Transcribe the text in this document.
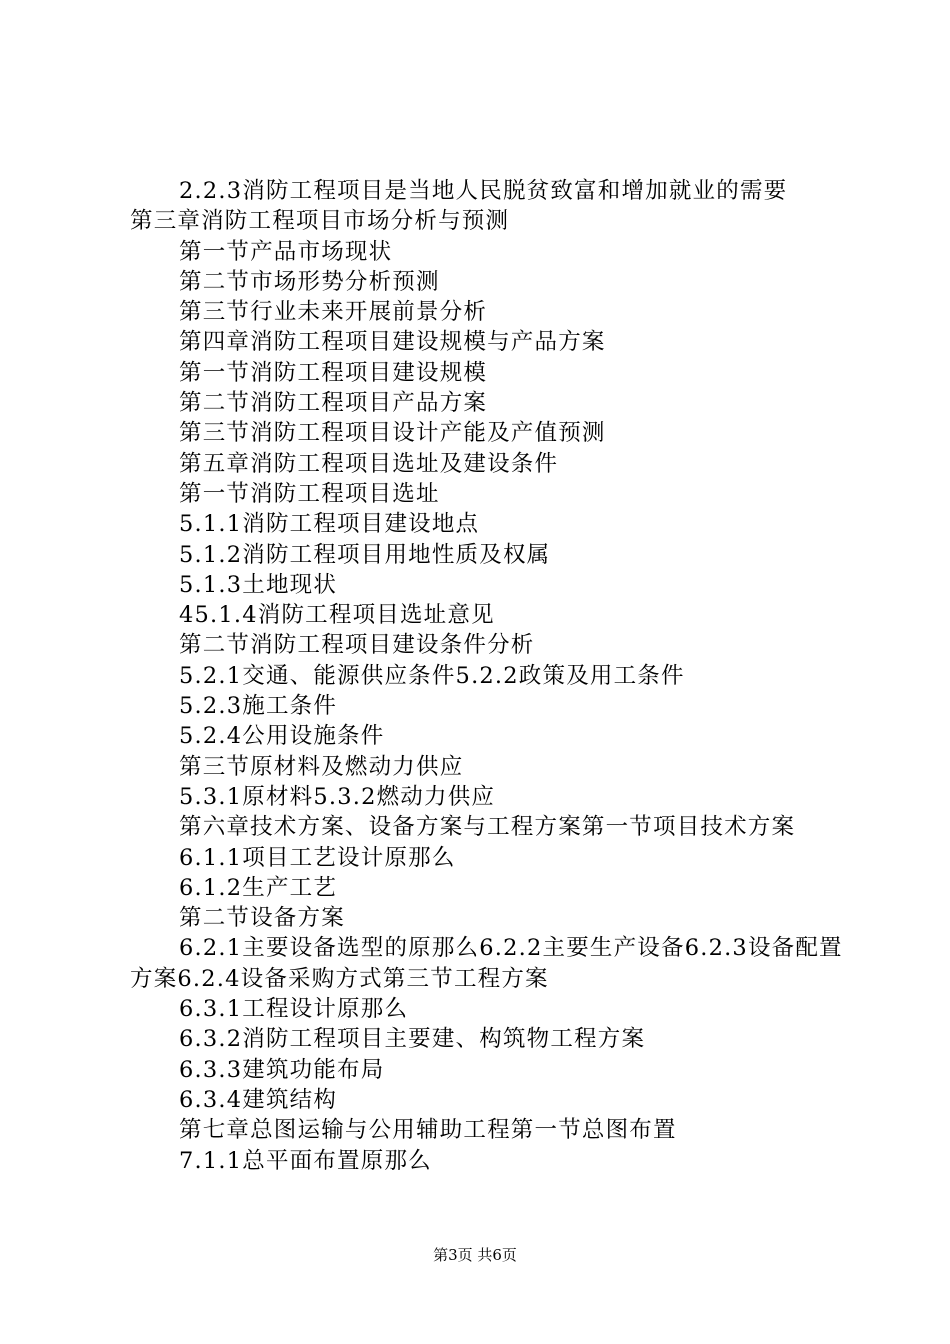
2.2.3消防工程项目是当地人民脱贫致富和增加就业的需要
第三章消防工程项目市场分析与预测
第一节产品市场现状
第二节市场形势分析预测
第三节行业未来开展前景分析
第四章消防工程项目建设规模与产品方案
第一节消防工程项目建设规模
第二节消防工程项目产品方案
第三节消防工程项目设计产能及产值预测
第五章消防工程项目选址及建设条件
第一节消防工程项目选址
5.1.1消防工程项目建设地点
5.1.2消防工程项目用地性质及权属
5.1.3土地现状
45.1.4消防工程项目选址意见
第二节消防工程项目建设条件分析
5.2.1交通、能源供应条件5.2.2政策及用工条件
5.2.3施工条件
5.2.4公用设施条件
第三节原材料及燃动力供应
5.3.1原材料5.3.2燃动力供应
第六章技术方案、设备方案与工程方案第一节项目技术方案
6.1.1项目工艺设计原那么
6.1.2生产工艺
第二节设备方案
6.2.1主要设备选型的原那么6.2.2主要生产设备6.2.3设备配置方案6.2.4设备采购方式第三节工程方案
6.3.1工程设计原那么
6.3.2消防工程项目主要建、构筑物工程方案
6.3.3建筑功能布局
6.3.4建筑结构
第七章总图运输与公用辅助工程第一节总图布置
7.1.1总平面布置原那么
第3页 共6页
